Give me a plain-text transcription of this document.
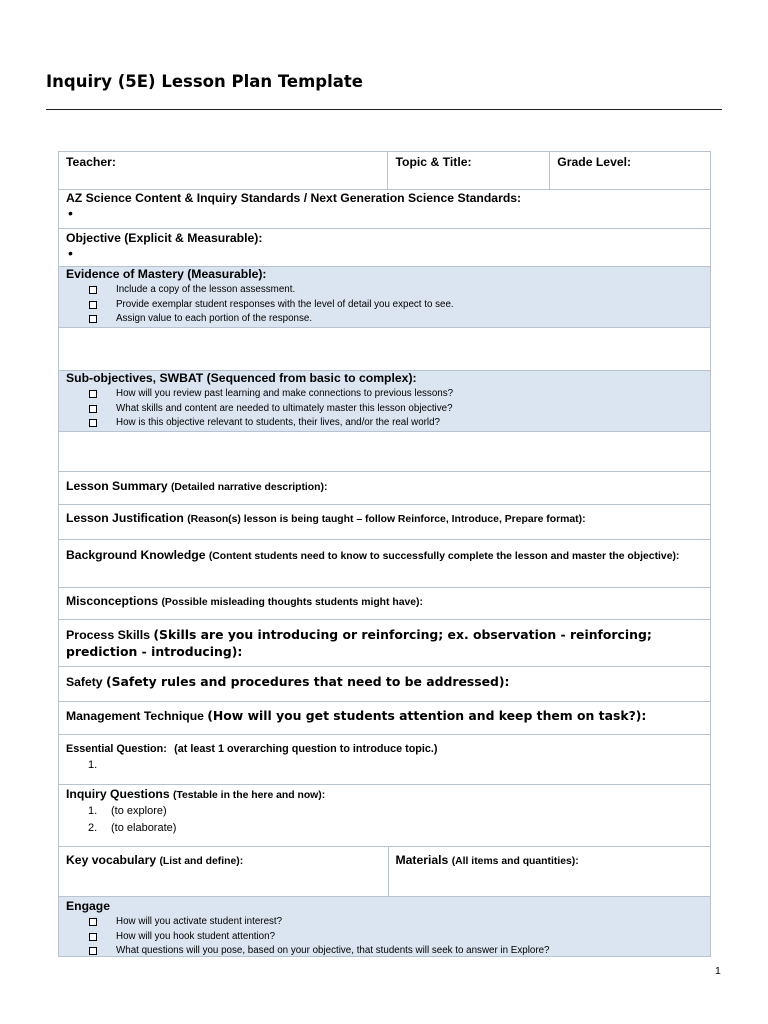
Inquiry (5E) Lesson Plan Template
Teacher:	Topic & Title:	Grade Level:
AZ Science Content & Inquiry Standards / Next Generation Science Standards:
•
Objective (Explicit & Measurable):
•
Evidence of Mastery (Measurable):
Include a copy of the lesson assessment.
Provide exemplar student responses with the level of detail you expect to see.
Assign value to each portion of the response.
Sub-objectives, SWBAT (Sequenced from basic to complex):
How will you review past learning and make connections to previous lessons?
What skills and content are needed to ultimately master this lesson objective?
How is this objective relevant to students, their lives, and/or the real world?
Lesson Summary (Detailed narrative description):
Lesson Justification (Reason(s) lesson is being taught – follow Reinforce, Introduce, Prepare format):
Background Knowledge (Content students need to know to successfully complete the lesson and master the objective):
Misconceptions (Possible misleading thoughts students might have):
Process Skills (Skills are you introducing or reinforcing; ex. observation - reinforcing; prediction - introducing):
Safety (Safety rules and procedures that need to be addressed):
Management Technique (How will you get students attention and keep them on task?):
Essential Question: (at least 1 overarching question to introduce topic.)
1.
Inquiry Questions (Testable in the here and now):
1. (to explore)
2. (to elaborate)
Key vocabulary (List and define):	Materials (All items and quantities):
Engage
How will you activate student interest?
How will you hook student attention?
What questions will you pose, based on your objective, that students will seek to answer in Explore?
1
